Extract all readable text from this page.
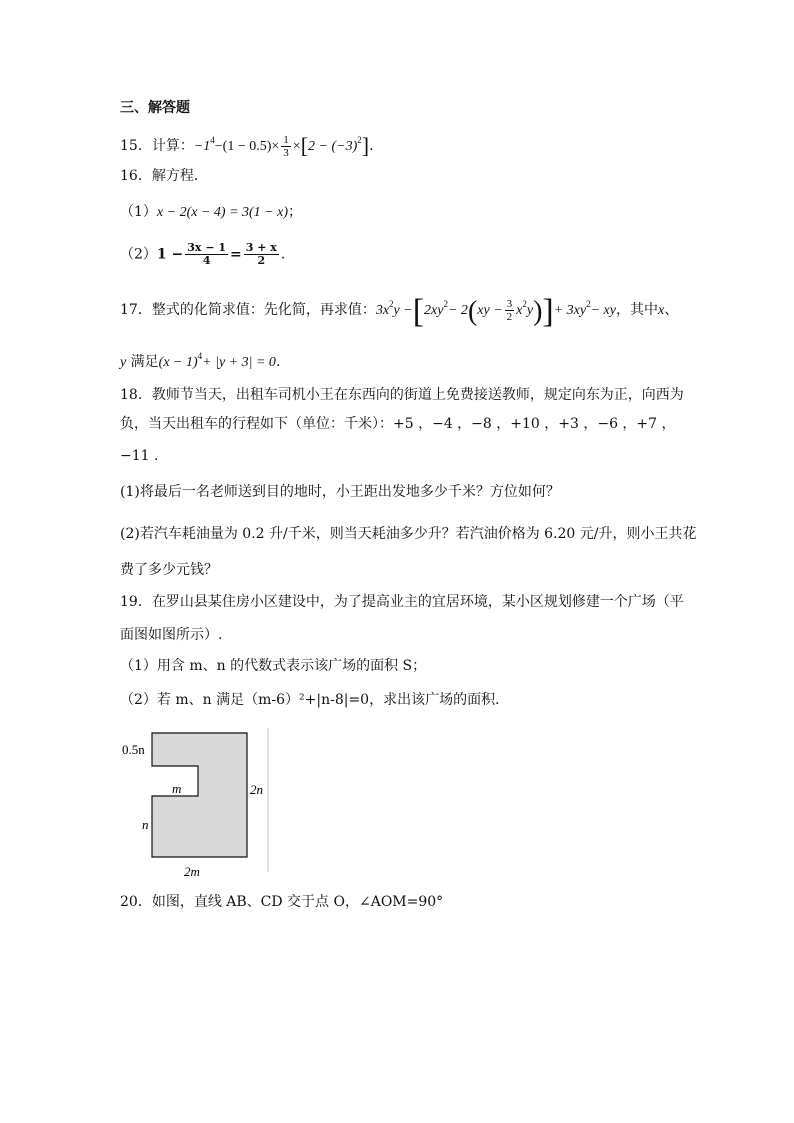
三、解答题
15．计算：$-1^4-(1 - 0.5)\times \frac{1}{3} \times[2 - (-3)^2]$.
16．解方程．
（1）x − 2(x − 4) = 3(1 − x)；
$(2)1 - \frac{3x - 1}{4} = \frac{3 + x}{2}$ .
17．整式的化简求值：先化简，再求值：$3x^2y -[2xy^2- 2(xy - \frac{3}{2} x^2y)]+ 3xy^2-$ xy，其中x、
y 满足$(x - 1)^4+ |y + 3| = 0$.
18．教师节当天，出租车司机小王在东西向的街道上免费接送教师，规定向东为正，向西为
负，当天出租车的行程如下（单位：千米）：+5 ，−4 ，−8 ，+10 ，+3 ，−6 ，+7 ，
−11 .
(1)将最后一名老师送到目的地时，小王距出发地多少千米？方位如何？
(2)若汽车耗油量为 0.2 升/千米，则当天耗油多少升？若汽油价格为 6.20 元/升，则小王共花
费了多少元钱？
19．在罗山县某住房小区建设中，为了提高业主的宜居环境，某小区规划修建一个广场（平
面图如图所示）.
（1）用含 m、n 的代数式表示该广场的面积 S；
（2）若 m、n 满足（m-6）²+|n-8|=0，求出该广场的面积．
0.5n
m
n
2n
2m
20．如图，直线 AB、CD 交于点 O，∠AOM=90°
